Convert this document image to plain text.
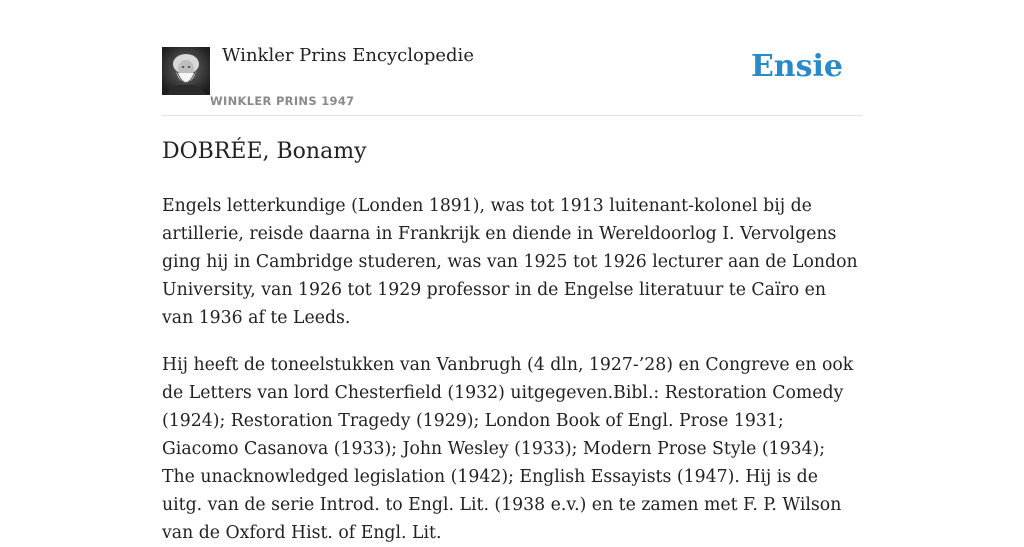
Winkler Prins Encyclopedie
WINKLER PRINS 1947
Ensie
DOBRÉE, Bonamy

Engels letterkundige (Londen 1891), was tot 1913 luitenant-kolonel bij de artillerie, reisde daarna in Frankrijk en diende in Wereldoorlog I. Vervolgens ging hij in Cambridge studeren, was van 1925 tot 1926 lecturer aan de London University, van 1926 tot 1929 professor in de Engelse literatuur te Caïro en van 1936 af te Leeds.

Hij heeft de toneelstukken van Vanbrugh (4 dln, 1927-’28) en Congreve en ook de Letters van lord Chesterfield (1932) uitgegeven.Bibl.: Restoration Comedy (1924); Restoration Tragedy (1929); London Book of Engl. Prose 1931; Giacomo Casanova (1933); John Wesley (1933); Modern Prose Style (1934); The unacknowledged legislation (1942); English Essayists (1947). Hij is de uitg. van de serie Introd. to Engl. Lit. (1938 e.v.) en te zamen met F. P. Wilson van de Oxford Hist. of Engl. Lit.
